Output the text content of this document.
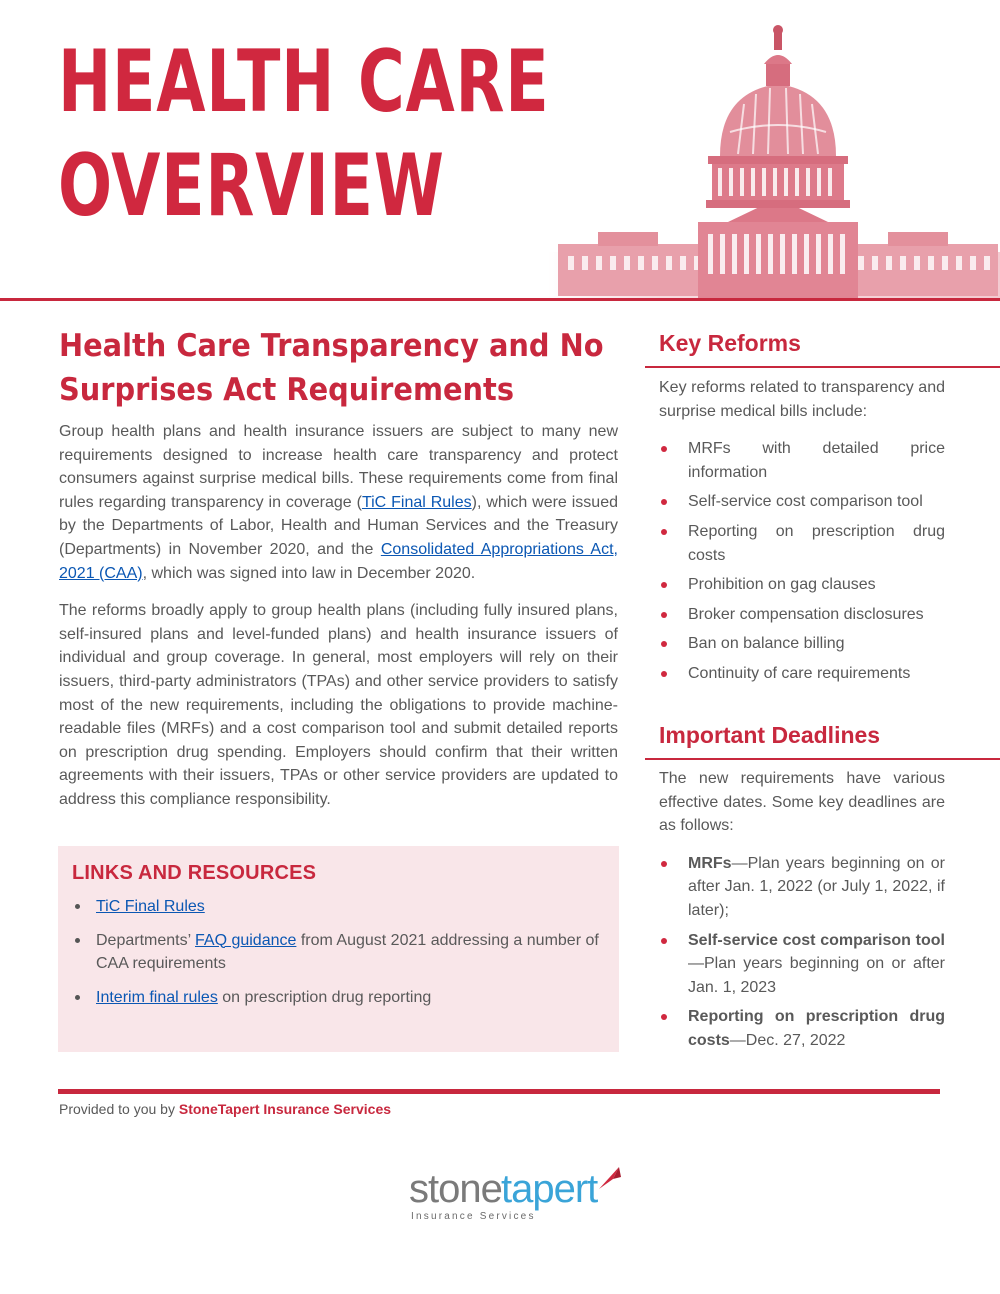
HEALTH CARE
OVERVIEW
Health Care Transparency and No Surprises Act Requirements

Group health plans and health insurance issuers are subject to many new requirements designed to increase health care transparency and protect consumers against surprise medical bills. These requirements come from final rules regarding transparency in coverage (TiC Final Rules), which were issued by the Departments of Labor, Health and Human Services and the Treasury (Departments) in November 2020, and the Consolidated Appropriations Act, 2021 (CAA), which was signed into law in December 2020.

The reforms broadly apply to group health plans (including fully insured plans, self-insured plans and level-funded plans) and health insurance issuers of individual and group coverage. In general, most employers will rely on their issuers, third-party administrators (TPAs) and other service providers to satisfy most of the new requirements, including the obligations to provide machine-readable files (MRFs) and a cost comparison tool and submit detailed reports on prescription drug spending. Employers should confirm that their written agreements with their issuers, TPAs or other service providers are updated to address this compliance responsibility.

LINKS AND RESOURCES
TiC Final Rules
Departments’ FAQ guidance from August 2021 addressing a number of CAA requirements
Interim final rules on prescription drug reporting
Key Reforms

Key reforms related to transparency and surprise medical bills include:

MRFs with detailed price information
Self-service cost comparison tool
Reporting on prescription drug costs
Prohibition on gag clauses
Broker compensation disclosures
Ban on balance billing
Continuity of care requirements
Important Deadlines

The new requirements have various effective dates. Some key deadlines are as follows:

MRFs—Plan years beginning on or after Jan. 1, 2022 (or July 1, 2022, if later);
Self-service cost comparison tool—Plan years beginning on or after Jan. 1, 2023
Reporting on prescription drug costs—Dec. 27, 2022
Provided to you by StoneTapert Insurance Services
stone tapert
Insurance Services
